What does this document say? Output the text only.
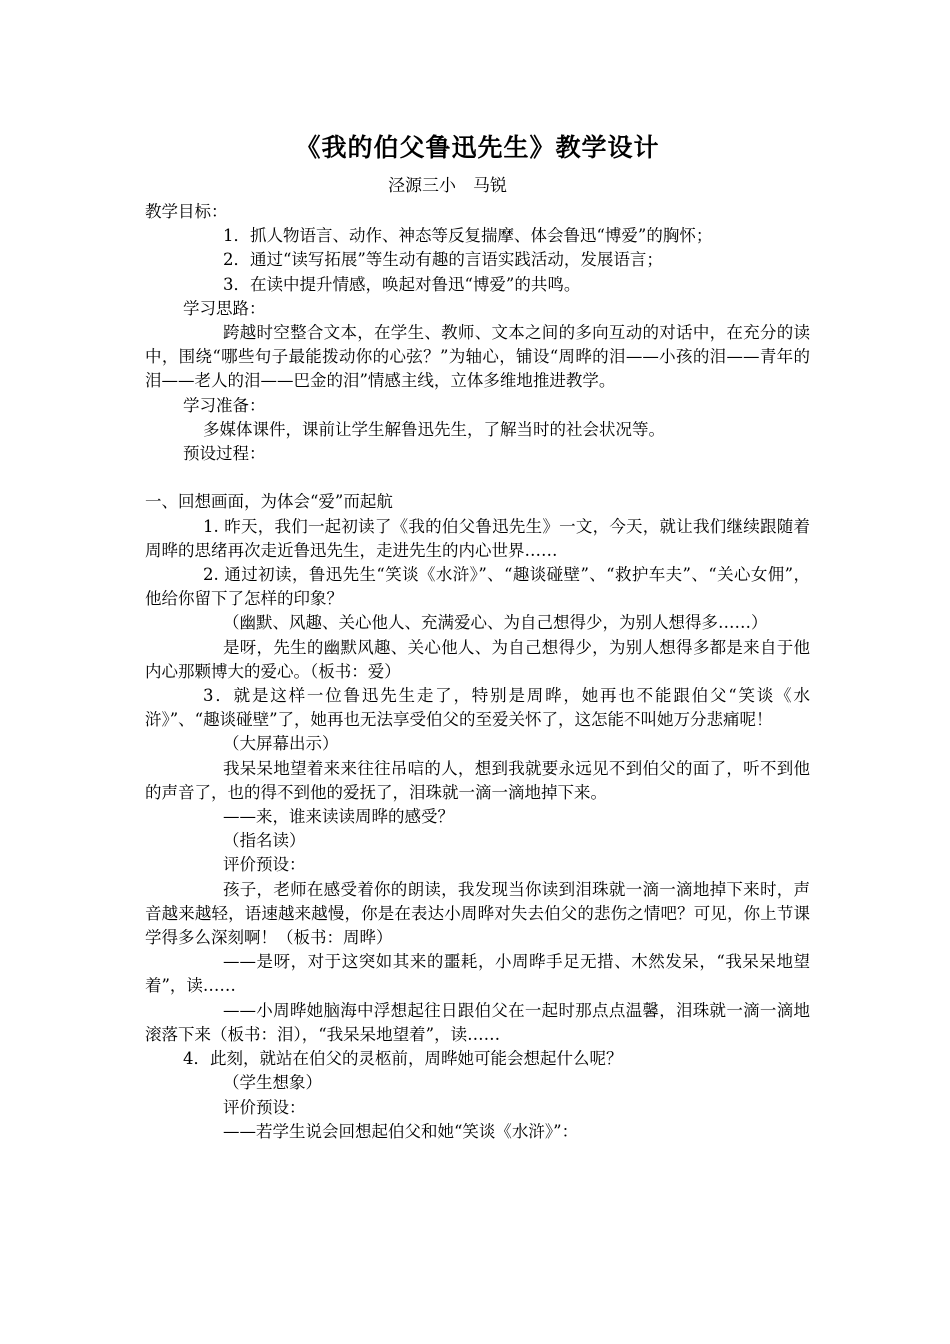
《我的伯父鲁迅先生》教学设计
泾源三小　马锐

教学目标：

1．抓人物语言、动作、神态等反复揣摩、体会鲁迅“博爱”的胸怀；

2．通过“读写拓展”等生动有趣的言语实践活动，发展语言；

3．在读中提升情感，唤起对鲁迅“博爱”的共鸣。

学习思路：

跨越时空整合文本，在学生、教师、文本之间的多向互动的对话中，在充分的读中，围绕“哪些句子最能拨动你的心弦？”为轴心，铺设“周晔的泪——小孩的泪——青年的泪——老人的泪——巴金的泪”情感主线，立体多维地推进教学。

学习准备：

多媒体课件，课前让学生解鲁迅先生，了解当时的社会状况等。

预设过程：

一、回想画面，为体会“爱”而起航

1. 昨天，我们一起初读了《我的伯父鲁迅先生》一文，今天，就让我们继续跟随着周晔的思绪再次走近鲁迅先生，走进先生的内心世界……

2. 通过初读，鲁迅先生“笑谈《水浒》”、“趣谈碰壁”、“救护车夫”、“关心女佣”，他给你留下了怎样的印象？

（幽默、风趣、关心他人、充满爱心、为自己想得少，为别人想得多……）

是呀，先生的幽默风趣、关心他人、为自己想得少，为别人想得多都是来自于他内心那颗博大的爱心。（板书：爱）

3．就是这样一位鲁迅先生走了，特别是周晔，她再也不能跟伯父“笑谈《水浒》”、“趣谈碰壁”了，她再也无法享受伯父的至爱关怀了，这怎能不叫她万分悲痛呢！

（大屏幕出示）

我呆呆地望着来来往往吊唁的人，想到我就要永远见不到伯父的面了，听不到他的声音了，也的得不到他的爱抚了，泪珠就一滴一滴地掉下来。

——来，谁来读读周晔的感受？

（指名读）

评价预设：

孩子，老师在感受着你的朗读，我发现当你读到泪珠就一滴一滴地掉下来时，声音越来越轻，语速越来越慢，你是在表达小周晔对失去伯父的悲伤之情吧？可见，你上节课学得多么深刻啊！（板书：周晔）

——是呀，对于这突如其来的噩耗，小周晔手足无措、木然发呆，“我呆呆地望着”，读……

——小周晔她脑海中浮想起往日跟伯父在一起时那点点温馨，泪珠就一滴一滴地滚落下来（板书：泪），“我呆呆地望着”，读……

4．此刻，就站在伯父的灵柩前，周晔她可能会想起什么呢？

（学生想象）

评价预设：

——若学生说会回想起伯父和她“笑谈《水浒》”：
